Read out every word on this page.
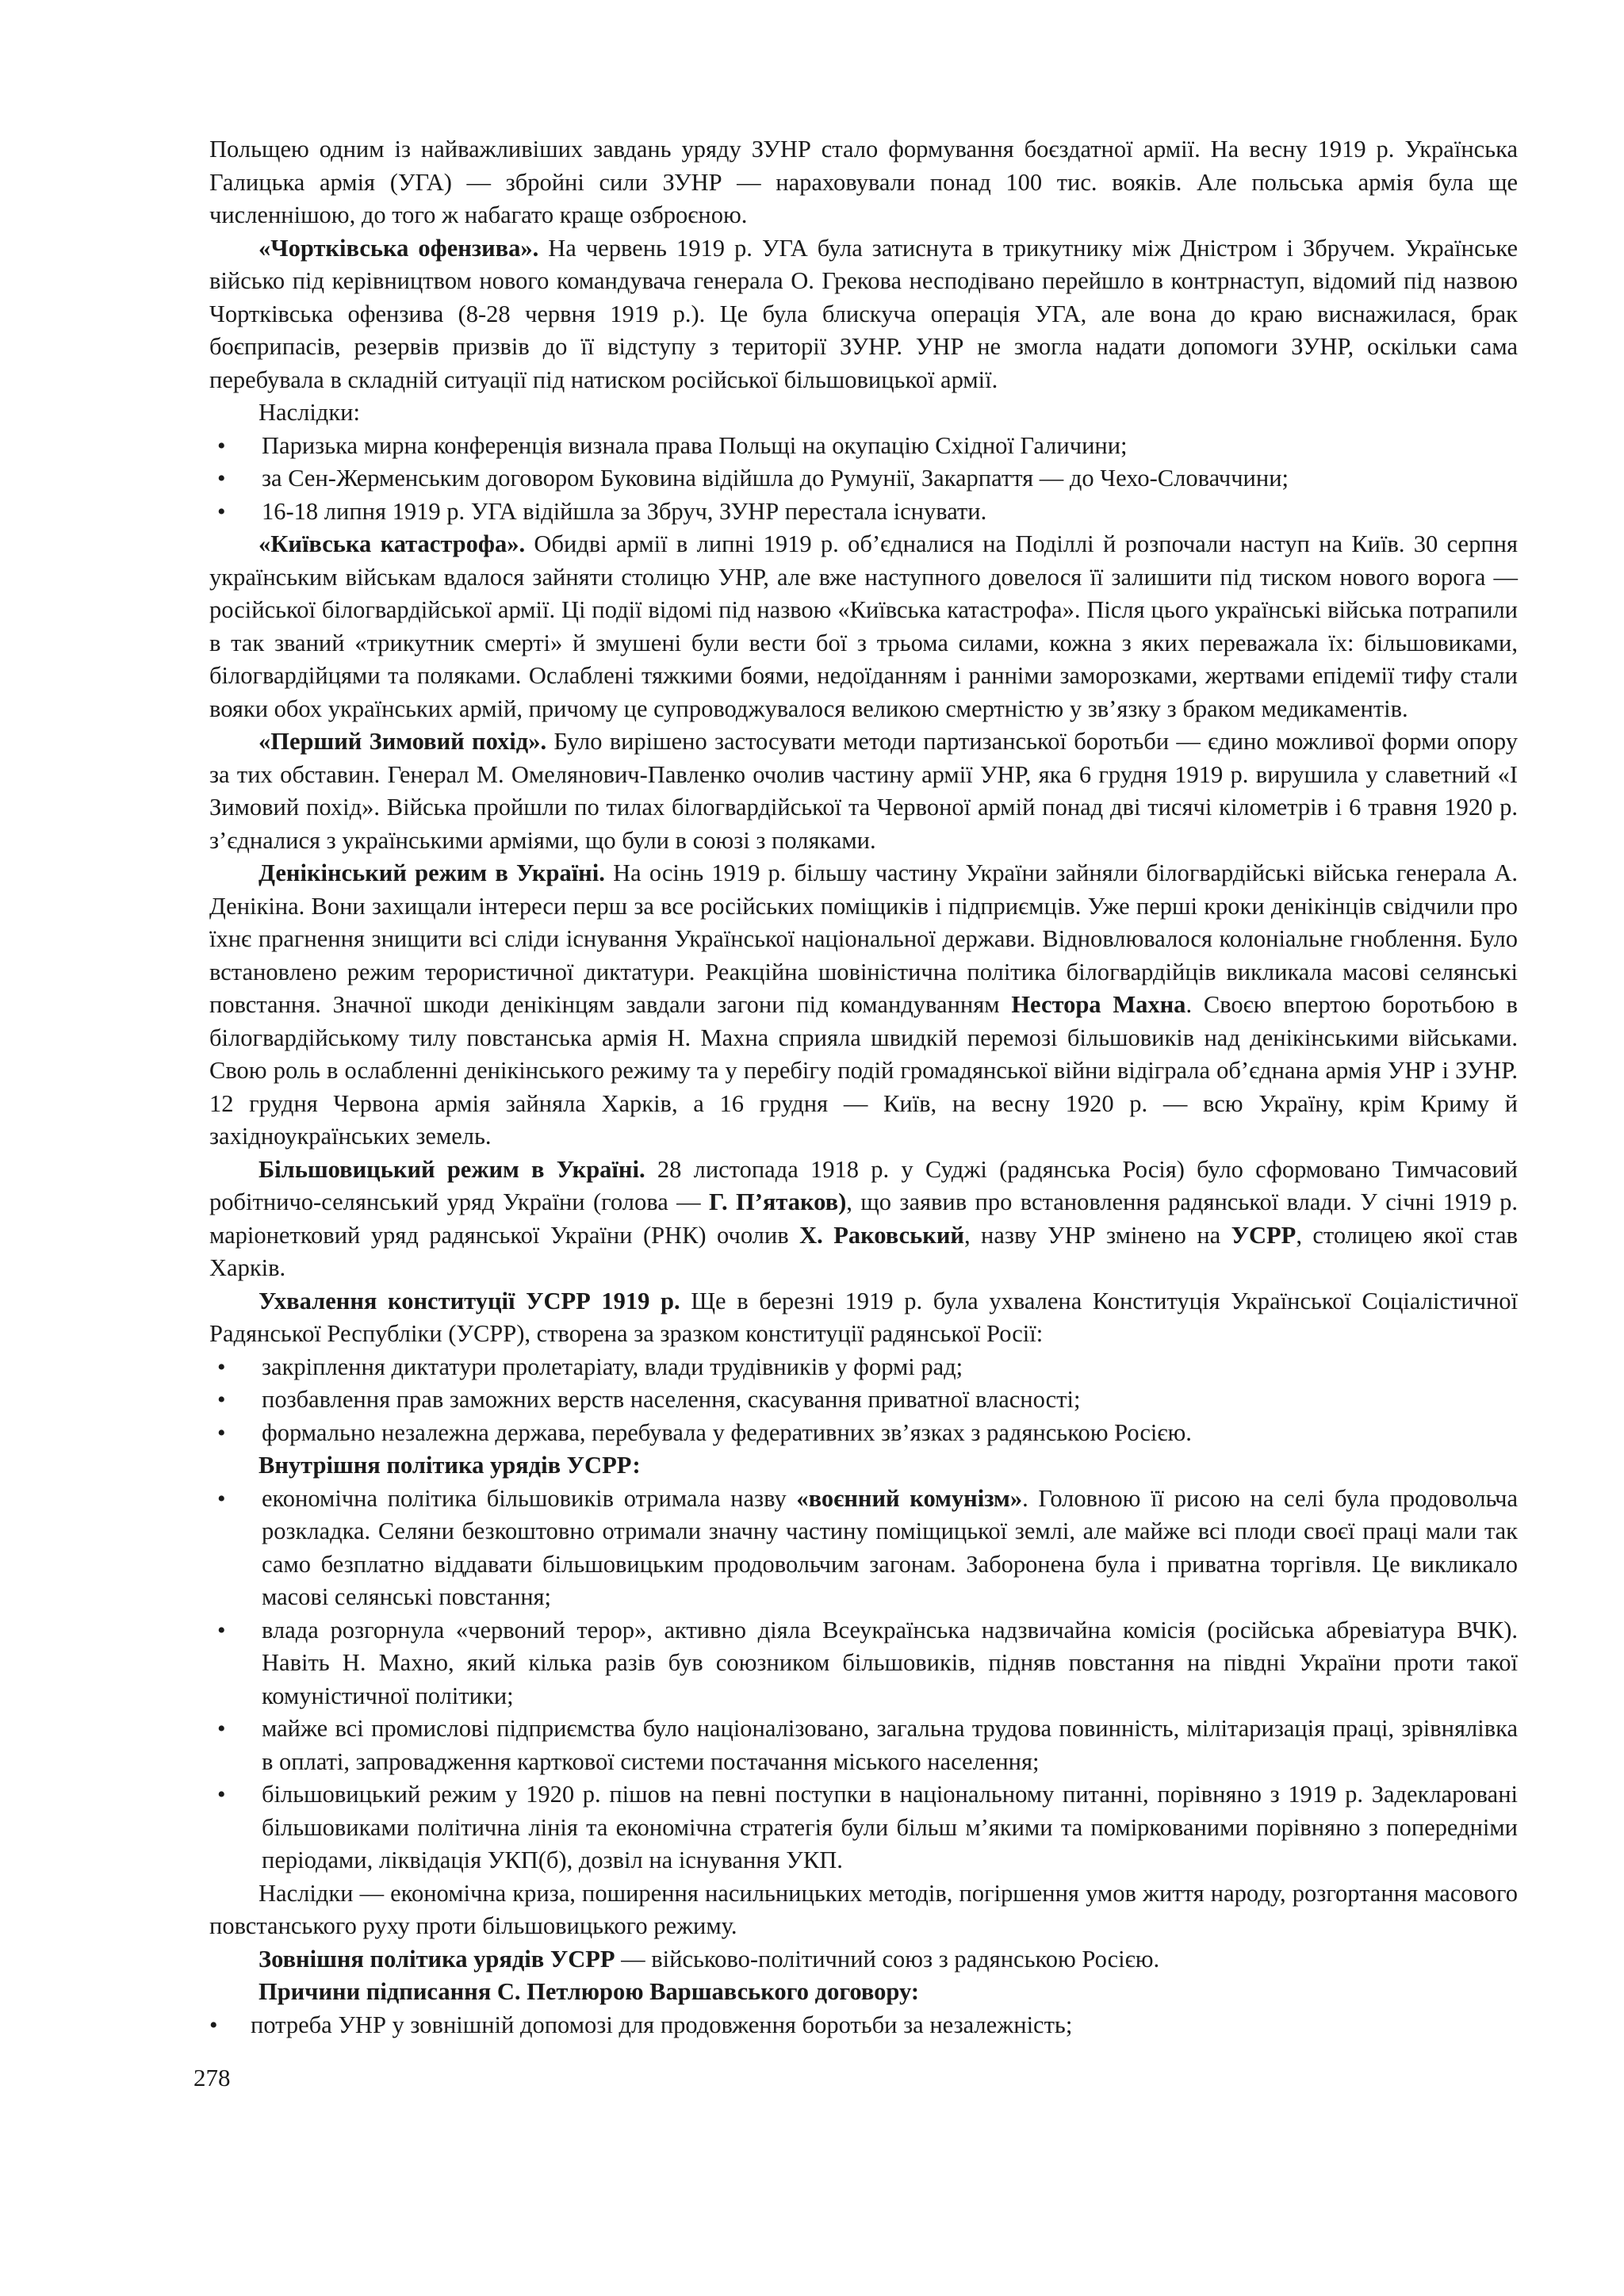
Польщею одним із найважливіших завдань уряду ЗУНР стало формування боєздатної армії. На весну 1919 р. Українська Галицька армія (УГА) — збройні сили ЗУНР — нараховували понад 100 тис. вояків. Але польська армія була ще численнішою, до того ж набагато краще озброєною.

«Чортківська офензива». На червень 1919 р. УГА була затиснута в трикутнику між Дністром і Збручем. Українське військо під керівництвом нового командувача генерала О. Грекова несподівано перейшло в контрнаступ, відомий під назвою Чортківська офензива (8-28 червня 1919 р.). Це була блискуча операція УГА, але вона до краю виснажилася, брак боєприпасів, резервів призвів до її відступу з території ЗУНР. УНР не змогла надати допомоги ЗУНР, оскільки сама перебувала в складній ситуації під натиском російської більшовицької армії.

Наслідки:

• Паризька мирна конференція визнала права Польщі на окупацію Східної Галичини;
• за Сен-Жерменським договором Буковина відійшла до Румунії, Закарпаття — до Чехо-Словаччини;
• 16-18 липня 1919 р. УГА відійшла за Збруч, ЗУНР перестала існувати.

«Київська катастрофа». Обидві армії в липні 1919 р. об’єдналися на Поділлі й розпочали наступ на Київ. 30 серпня українським військам вдалося зайняти столицю УНР, але вже наступного довелося її залишити під тиском нового ворога — російської білогвардійської армії. Ці події відомі під назвою «Київська катастрофа». Після цього українські війська потрапили в так званий «трикутник смерті» й змушені були вести бої з трьома силами, кожна з яких переважала їх: більшовиками, білогвардійцями та поляками. Ослаблені тяжкими боями, недоїданням і ранніми заморозками, жертвами епідемії тифу стали вояки обох українських армій, причому це супроводжувалося великою смертністю у зв’язку з браком медикаментів.

«Перший Зимовий похід». Було вирішено застосувати методи партизанської боротьби — єдино можливої форми опору за тих обставин. Генерал М. Омелянович-Павленко очолив частину армії УНР, яка 6 грудня 1919 р. вирушила у славетний «І Зимовий похід». Війська пройшли по тилах білогвардійської та Червоної армій понад дві тисячі кілометрів і 6 травня 1920 р. з’єдналися з українськими арміями, що були в союзі з поляками.

Денікінський режим в Україні. На осінь 1919 р. більшу частину України зайняли білогвардійські війська генерала А. Денікіна. Вони захищали інтереси перш за все російських поміщиків і підприємців. Уже перші кроки денікінців свідчили про їхнє прагнення знищити всі сліди існування Української національної держави. Відновлювалося колоніальне гноблення. Було встановлено режим терористичної диктатури. Реакційна шовіністична політика білогвардійців викликала масові селянські повстання. Значної шкоди денікінцям завдали загони під командуванням Нестора Махна. Своєю впертою боротьбою в білогвардійському тилу повстанська армія Н. Махна сприяла швидкій перемозі більшовиків над денікінськими військами. Свою роль в ослабленні денікінського режиму та у перебігу подій громадянської війни відіграла об’єднана армія УНР і ЗУНР. 12 грудня Червона армія зайняла Харків, а 16 грудня — Київ, на весну 1920 р. — всю Україну, крім Криму й західноукраїнських земель.

Більшовицький режим в Україні. 28 листопада 1918 р. у Суджі (радянська Росія) було сформовано Тимчасовий робітничо-селянський уряд України (голова — Г. П’ятаков), що заявив про встановлення радянської влади. У січні 1919 р. маріонетковий уряд радянської України (РНК) очолив Х. Раковський, назву УНР змінено на УСРР, столицею якої став Харків.

Ухвалення конституції УСРР 1919 р. Ще в березні 1919 р. була ухвалена Конституція Української Соціалістичної Радянської Республіки (УСРР), створена за зразком конституції радянської Росії:

• закріплення диктатури пролетаріату, влади трудівників у формі рад;
• позбавлення прав заможних верств населення, скасування приватної власності;
• формально незалежна держава, перебувала у федеративних зв’язках з радянською Росією.

Внутрішня політика урядів УСРР:

• економічна політика більшовиків отримала назву «воєнний комунізм». Головною її рисою на селі була продовольча розкладка. Селяни безкоштовно отримали значну частину поміщицької землі, але майже всі плоди своєї праці мали так само безплатно віддавати більшовицьким продовольчим загонам. Заборонена була і приватна торгівля. Це викликало масові селянські повстання;
• влада розгорнула «червоний терор», активно діяла Всеукраїнська надзвичайна комісія (російська абревіатура ВЧК). Навіть Н. Махно, який кілька разів був союзником більшовиків, підняв повстання на півдні України проти такої комуністичної політики;
• майже всі промислові підприємства було націоналізовано, загальна трудова повинність, мілітаризація праці, зрівнялівка в оплаті, запровадження карткової системи постачання міського населення;
• більшовицький режим у 1920 р. пішов на певні поступки в національному питанні, порівняно з 1919 р. Задекларовані більшовиками політична лінія та економічна стратегія були більш м’якими та поміркованими порівняно з попередніми періодами, ліквідація УКП(б), дозвіл на існування УКП.

Наслідки — економічна криза, поширення насильницьких методів, погіршення умов життя народу, розгортання масового повстанського руху проти більшовицького режиму.

Зовнішня політика урядів УСРР — військово-політичний союз з радянською Росією.

Причини підписання С. Петлюрою Варшавського договору:

• потреба УНР у зовнішній допомозі для продовження боротьби за незалежність;
278
